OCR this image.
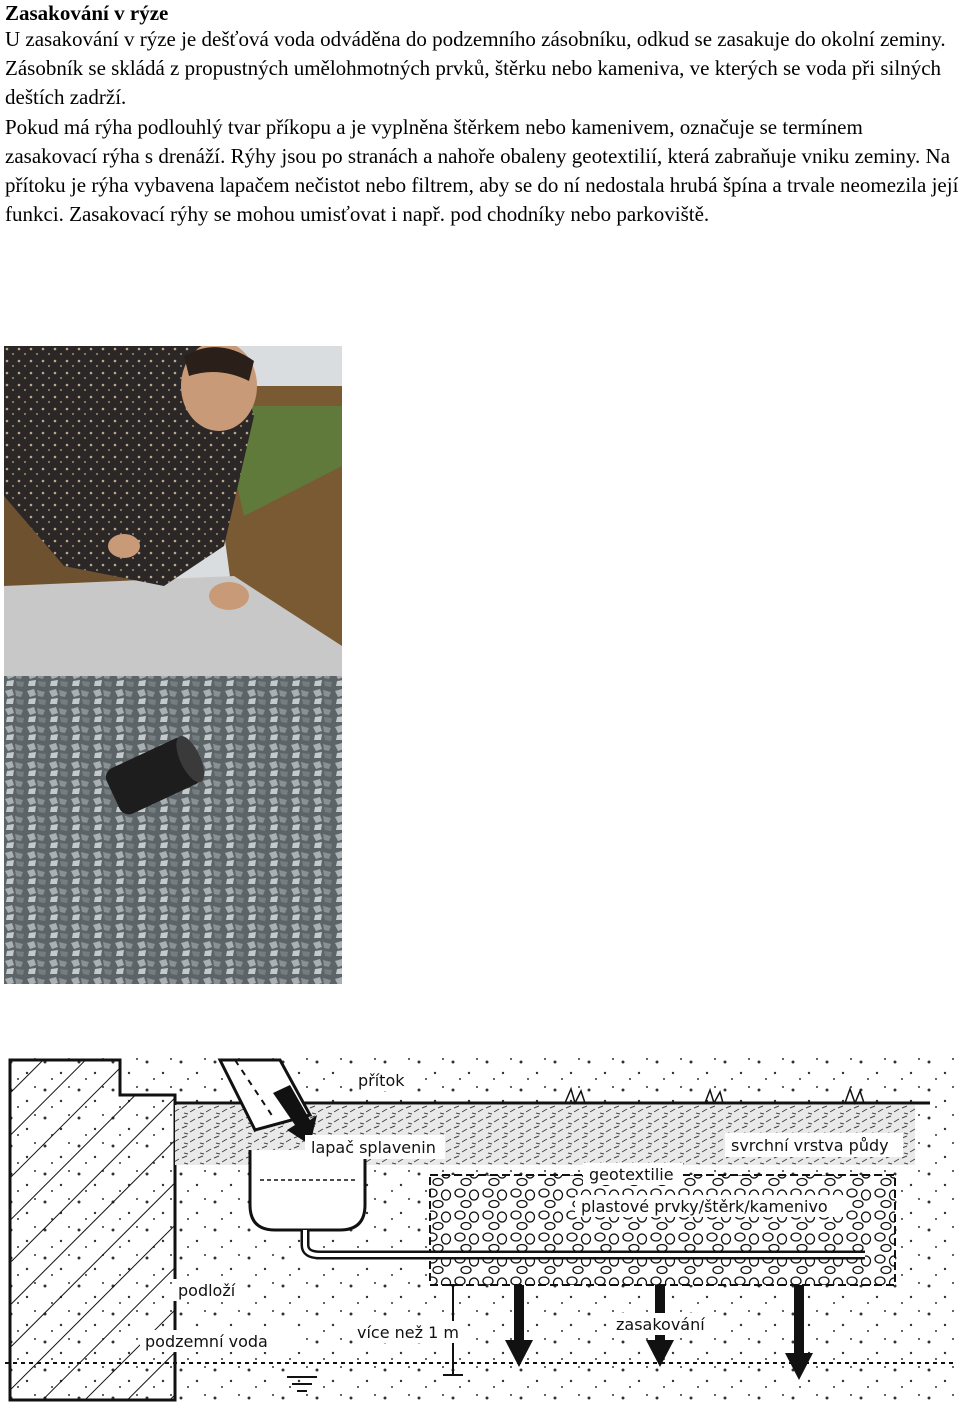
Zasakování v rýze

U zasakování v rýze je dešťová voda odváděna do podzemního zásobníku, odkud se zasakuje do okolní zeminy. Zásobník se skládá z propustných umělohmotných prvků, štěrku nebo kameniva, ve kterých se voda při silných deštích zadrží.

Pokud má rýha podlouhlý tvar příkopu a je vyplněna štěrkem nebo kamenivem, označuje se termínem zasakovací rýha s drenáží. Rýhy jsou po stranách a nahoře obaleny geotextilií, která zabraňuje vniku zeminy. Na přítoku je rýha vybavena lapačem nečistot nebo filtrem, aby se do ní nedostala hrubá špína a trvale neomezila její funkci. Zasakovací rýhy se mohou umisťovat i např. pod chodníky nebo parkoviště.

přítok
lapač splavenin	svrchní vrstva půdy
geotextilie
plastové prvky/štěrk/kamenivo
podloží
podzemní voda	více než 1 m	zasakování
